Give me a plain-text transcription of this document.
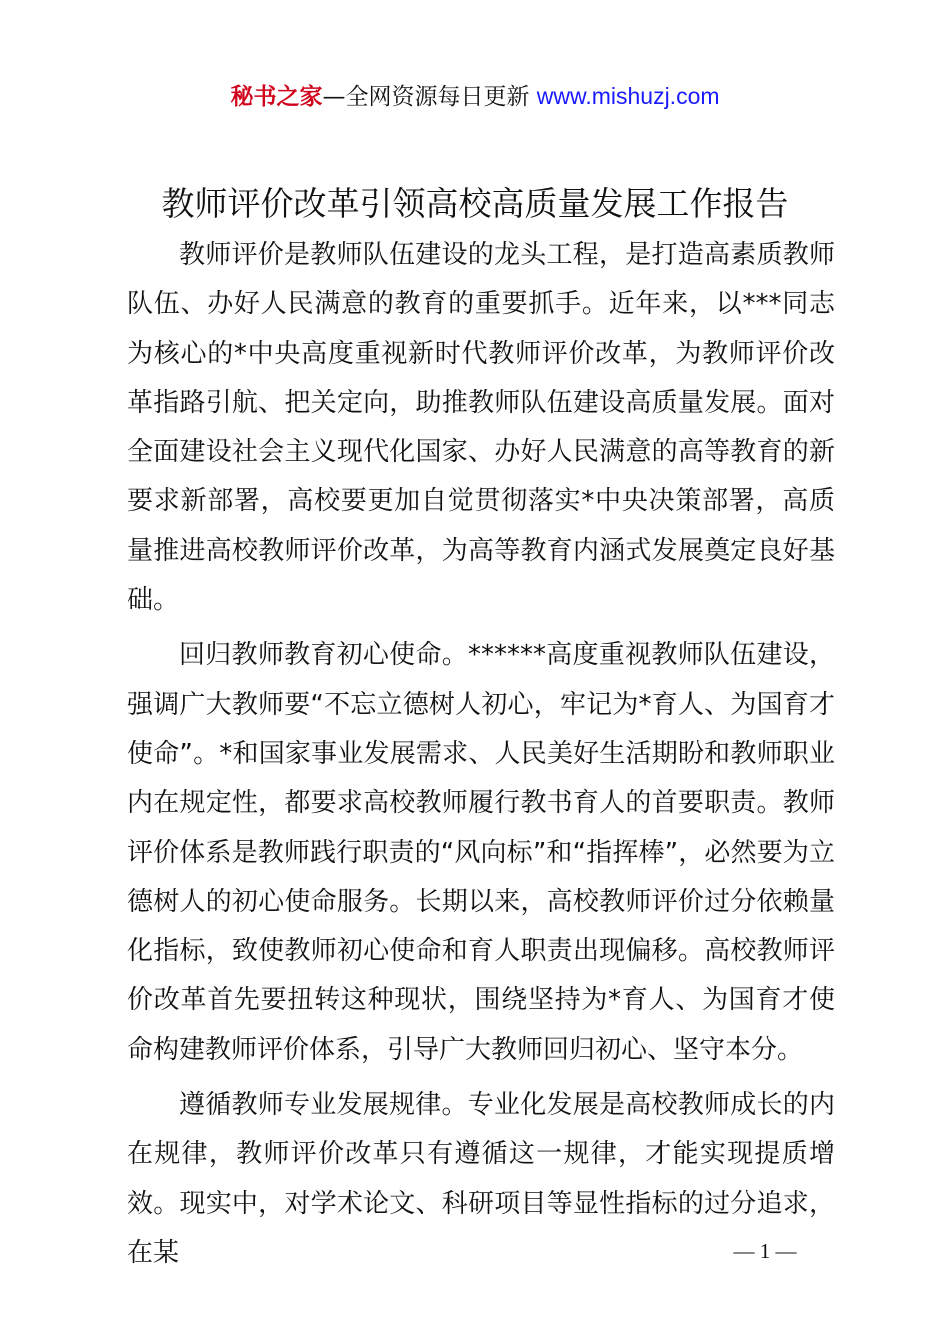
秘书之家—全网资源每日更新 www.mishuzj.com
教师评价改革引领高校高质量发展工作报告

教师评价是教师队伍建设的龙头工程，是打造高素质教师队伍、办好人民满意的教育的重要抓手。近年来，以***同志为核心的*中央高度重视新时代教师评价改革，为教师评价改革指路引航、把关定向，助推教师队伍建设高质量发展。面对全面建设社会主义现代化国家、办好人民满意的高等教育的新要求新部署，高校要更加自觉贯彻落实*中央决策部署，高质量推进高校教师评价改革，为高等教育内涵式发展奠定良好基础。

回归教师教育初心使命。******高度重视教师队伍建设，强调广大教师要“不忘立德树人初心，牢记为*育人、为国育才使命”。*和国家事业发展需求、人民美好生活期盼和教师职业内在规定性，都要求高校教师履行教书育人的首要职责。教师评价体系是教师践行职责的“风向标”和“指挥棒”，必然要为立德树人的初心使命服务。长期以来，高校教师评价过分依赖量化指标，致使教师初心使命和育人职责出现偏移。高校教师评价改革首先要扭转这种现状，围绕坚持为*育人、为国育才使命构建教师评价体系，引导广大教师回归初心、坚守本分。

遵循教师专业发展规律。专业化发展是高校教师成长的内在规律，教师评价改革只有遵循这一规律，才能实现提质增效。现实中，对学术论文、科研项目等显性指标的过分追求，在某	— 1 —
